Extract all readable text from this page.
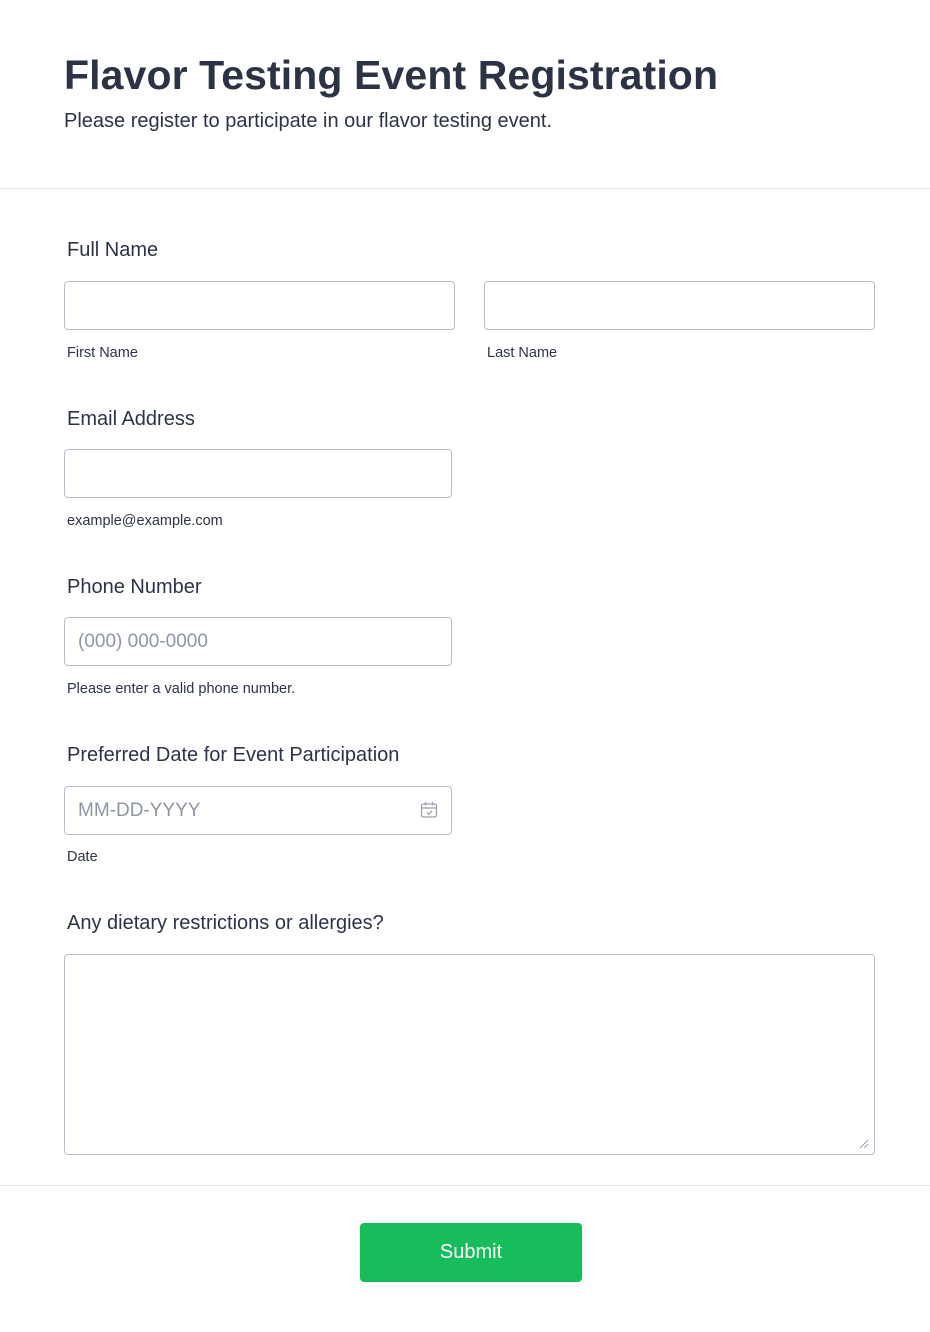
Flavor Testing Event Registration

Please register to participate in our flavor testing event.

Full Name
First Name	Last Name
Email Address
example@example.com
Phone Number
(000) 000-0000
Please enter a valid phone number.
Preferred Date for Event Participation
MM-DD-YYYY
Date
Any dietary restrictions or allergies?
Submit
